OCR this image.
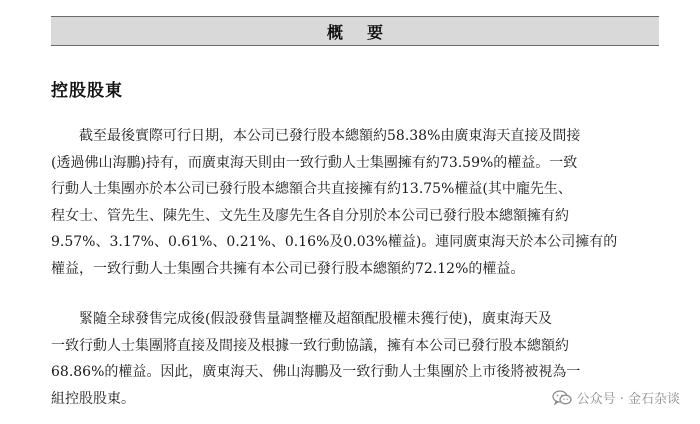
概要
控股股東

截至最後實際可行日期，本公司已發行股本總額約58.38%由廣東海天直接及間接
(透過佛山海鵬)持有，而廣東海天則由一致行動人士集團擁有約73.59%的權益。一致
行動人士集團亦於本公司已發行股本總額合共直接擁有約13.75%權益(其中龐先生、
程女士、管先生、陳先生、文先生及廖先生各自分別於本公司已發行股本總額擁有約
9.57%、3.17%、0.61%、0.21%、0.16%及0.03%權益)。連同廣東海天於本公司擁有的
權益，一致行動人士集團合共擁有本公司已發行股本總額約72.12%的權益。

緊隨全球發售完成後(假設發售量調整權及超額配股權未獲行使)，廣東海天及
一致行動人士集團將直接及間接及根據一致行動協議，擁有本公司已發行股本總額約
68.86%的權益。因此，廣東海天、佛山海鵬及一致行動人士集團於上市後將被視為一
組控股股東。	公众号 · 金石杂谈
